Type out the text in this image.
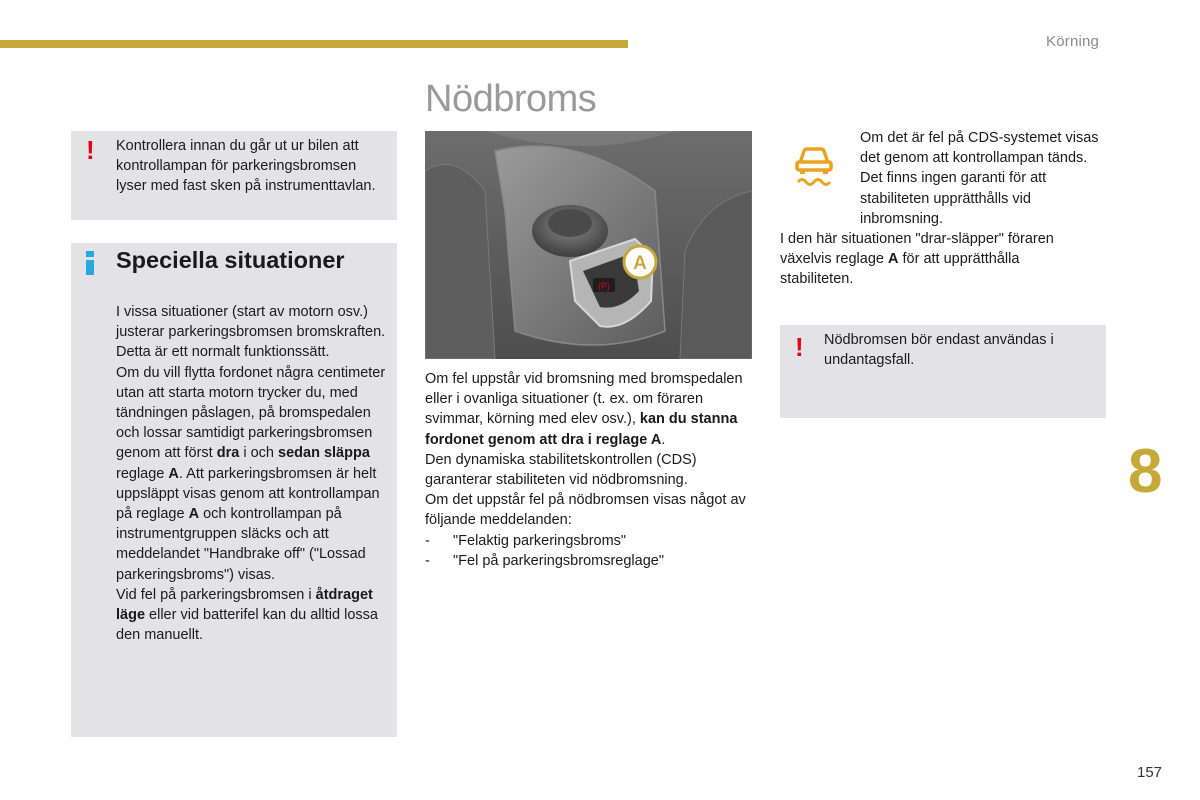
Körning
Nödbroms
! Kontrollera innan du går ut ur bilen att kontrollampan för parkeringsbromsen lyser med fast sken på instrumenttavlan.
Speciella situationer

I vissa situationer (start av motorn osv.) justerar parkeringsbromsen bromskraften. Detta är ett normalt funktionssätt.

Om du vill flytta fordonet några centimeter utan att starta motorn trycker du, med tändningen påslagen, på bromspedalen och lossar samtidigt parkeringsbromsen genom att först dra i och sedan släppa reglage A. Att parkeringsbromsen är helt uppsläppt visas genom att kontrollampan på reglage A och kontrollampan på instrumentgruppen släcks och att meddelandet "Handbrake off" ("Lossad parkeringsbroms") visas.

Vid fel på parkeringsbromsen i åtdraget läge eller vid batterifel kan du alltid lossa den manuellt.

(P)
A

Om fel uppstår vid bromsning med bromspedalen eller i ovanliga situationer (t. ex. om föraren svimmar, körning med elev osv.), kan du stanna fordonet genom att dra i reglage A.

Den dynamiska stabilitetskontrollen (CDS) garanterar stabiliteten vid nödbromsning.

Om det uppstår fel på nödbromsen visas något av följande meddelanden:

-	"Felaktig parkeringsbroms"
-	"Fel på parkeringsbromsreglage"
Om det är fel på CDS-systemet visas det genom att kontrollampan tänds. Det finns ingen garanti för att stabiliteten upprätthålls vid inbromsning.
I den här situationen "drar-släpper" föraren växelvis reglage A för att upprätthålla stabiliteten.
! Nödbromsen bör endast användas i undantagsfall.
8
157
